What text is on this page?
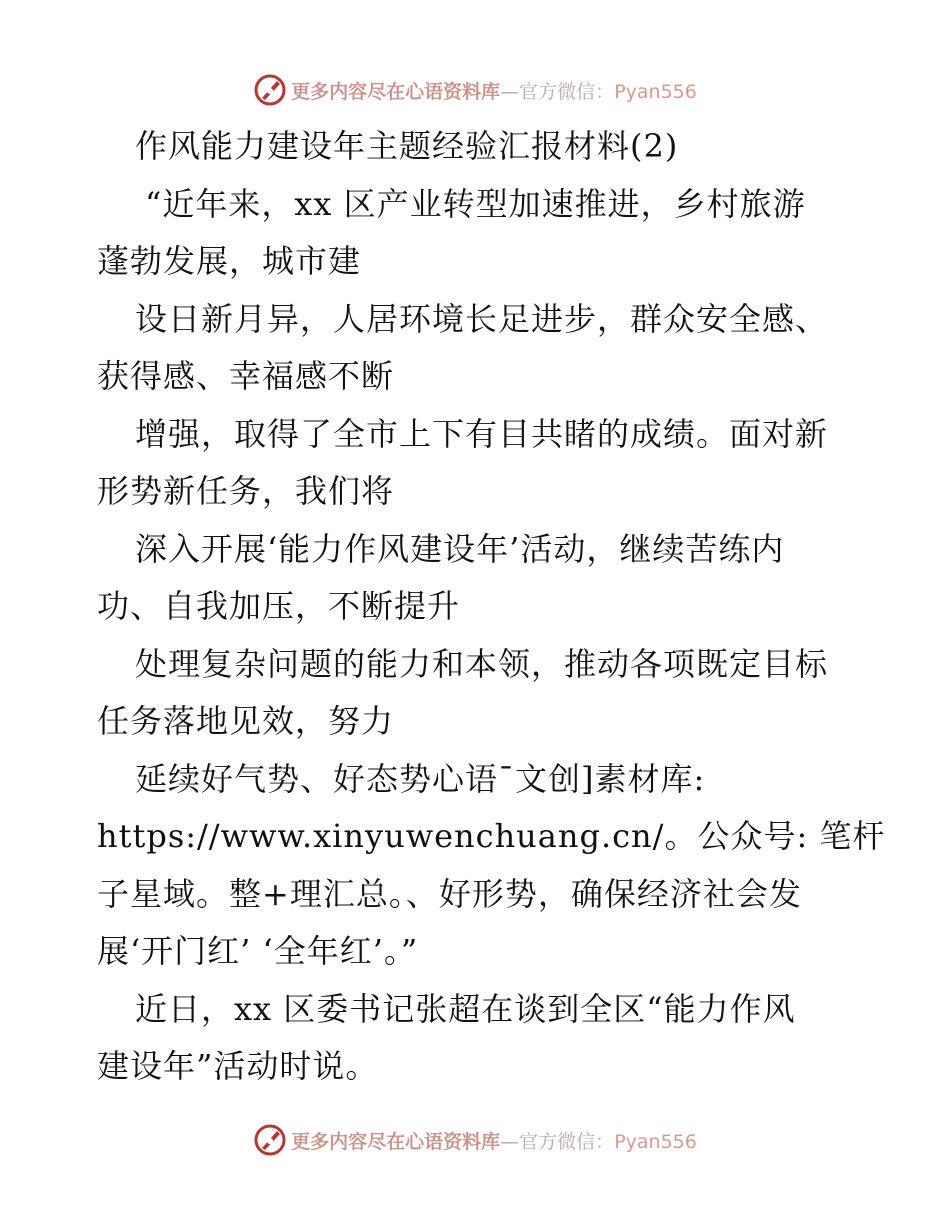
更多内容尽在心语资料库—官方微信：Pyan556
作风能力建设年主题经验汇报材料(2)
“近年来，xx 区产业转型加速推进，乡村旅游
蓬勃发展，城市建
设日新月异，人居环境长足进步，群众安全感、
获得感、幸福感不断
增强，取得了全市上下有目共睹的成绩。面对新
形势新任务，我们将
深入开展‘能力作风建设年’活动，继续苦练内
功、自我加压，不断提升
处理复杂问题的能力和本领，推动各项既定目标
任务落地见效，努力
延续好气势、好态势心语¯文创]素材库:
https://www.xinyuwenchuang.cn/。公众号: 笔杆
子星域。整+理汇总。、好形势，确保经济社会发
展‘开门红’ ‘全年红’。”
近日，xx 区委书记张超在谈到全区“能力作风
建设年”活动时说。
更多内容尽在心语资料库—官方微信：Pyan556
